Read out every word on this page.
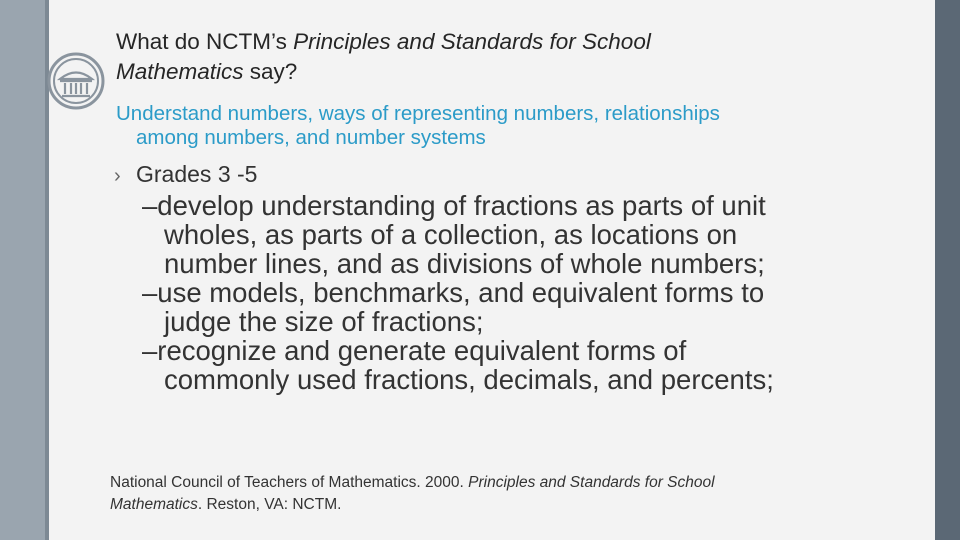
What do NCTM’s Principles and Standards for School
Mathematics say?

Understand numbers, ways of representing numbers, relationships
among numbers, and number systems

› Grades 3 -5

–develop understanding of fractions as parts of unit
wholes, as parts of a collection, as locations on
number lines, and as divisions of whole numbers;
–use models, benchmarks, and equivalent forms to
judge the size of fractions;
–recognize and generate equivalent forms of
commonly used fractions, decimals, and percents;

National Council of Teachers of Mathematics. 2000. Principles and Standards for School
Mathematics. Reston, VA: NCTM.
